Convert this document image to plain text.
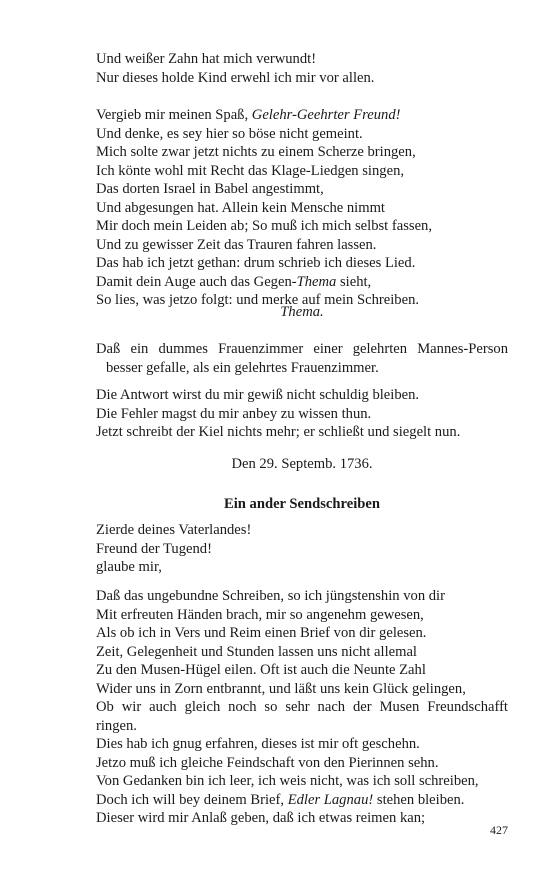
Und weißer Zahn hat mich verwundt!
Nur dieses holde Kind erwehl ich mir vor allen.
Vergieb mir meinen Spaß, Gelehr-Geehrter Freund!
Und denke, es sey hier so böse nicht gemeint.
Mich solte zwar jetzt nichts zu einem Scherze bringen,
Ich könte wohl mit Recht das Klage-Liedgen singen,
Das dorten Israel in Babel angestimmt,
Und abgesungen hat. Allein kein Mensche nimmt
Mir doch mein Leiden ab; So muß ich mich selbst fassen,
Und zu gewisser Zeit das Trauren fahren lassen.
Das hab ich jetzt gethan: drum schrieb ich dieses Lied.
Damit dein Auge auch das Gegen-Thema sieht,
So lies, was jetzo folgt: und merke auf mein Schreiben.
Thema.
Daß ein dummes Frauenzimmer einer gelehrten Mannes-Person
besser gefalle, als ein gelehrtes Frauenzimmer.
Die Antwort wirst du mir gewiß nicht schuldig bleiben.
Die Fehler magst du mir anbey zu wissen thun.
Jetzt schreibt der Kiel nichts mehr; er schließt und siegelt nun.
Den 29. Septemb. 1736.
Ein ander Sendschreiben
Zierde deines Vaterlandes!
Freund der Tugend!
glaube mir,
Daß das ungebundne Schreiben, so ich jüngstenshin von dir
Mit erfreuten Händen brach, mir so angenehm gewesen,
Als ob ich in Vers und Reim einen Brief von dir gelesen.
Zeit, Gelegenheit und Stunden lassen uns nicht allemal
Zu den Musen-Hügel eilen. Oft ist auch die Neunte Zahl
Wider uns in Zorn entbrannt, und läßt uns kein Glück gelingen,
Ob wir auch gleich noch so sehr nach der Musen Freundschafft
ringen.
Dies hab ich gnug erfahren, dieses ist mir oft geschehn.
Jetzo muß ich gleiche Feindschaft von den Pierinnen sehn.
Von Gedanken bin ich leer, ich weis nicht, was ich soll schreiben,
Doch ich will bey deinem Brief, Edler Lagnau! stehen bleiben.
Dieser wird mir Anlaß geben, daß ich etwas reimen kan;
427
